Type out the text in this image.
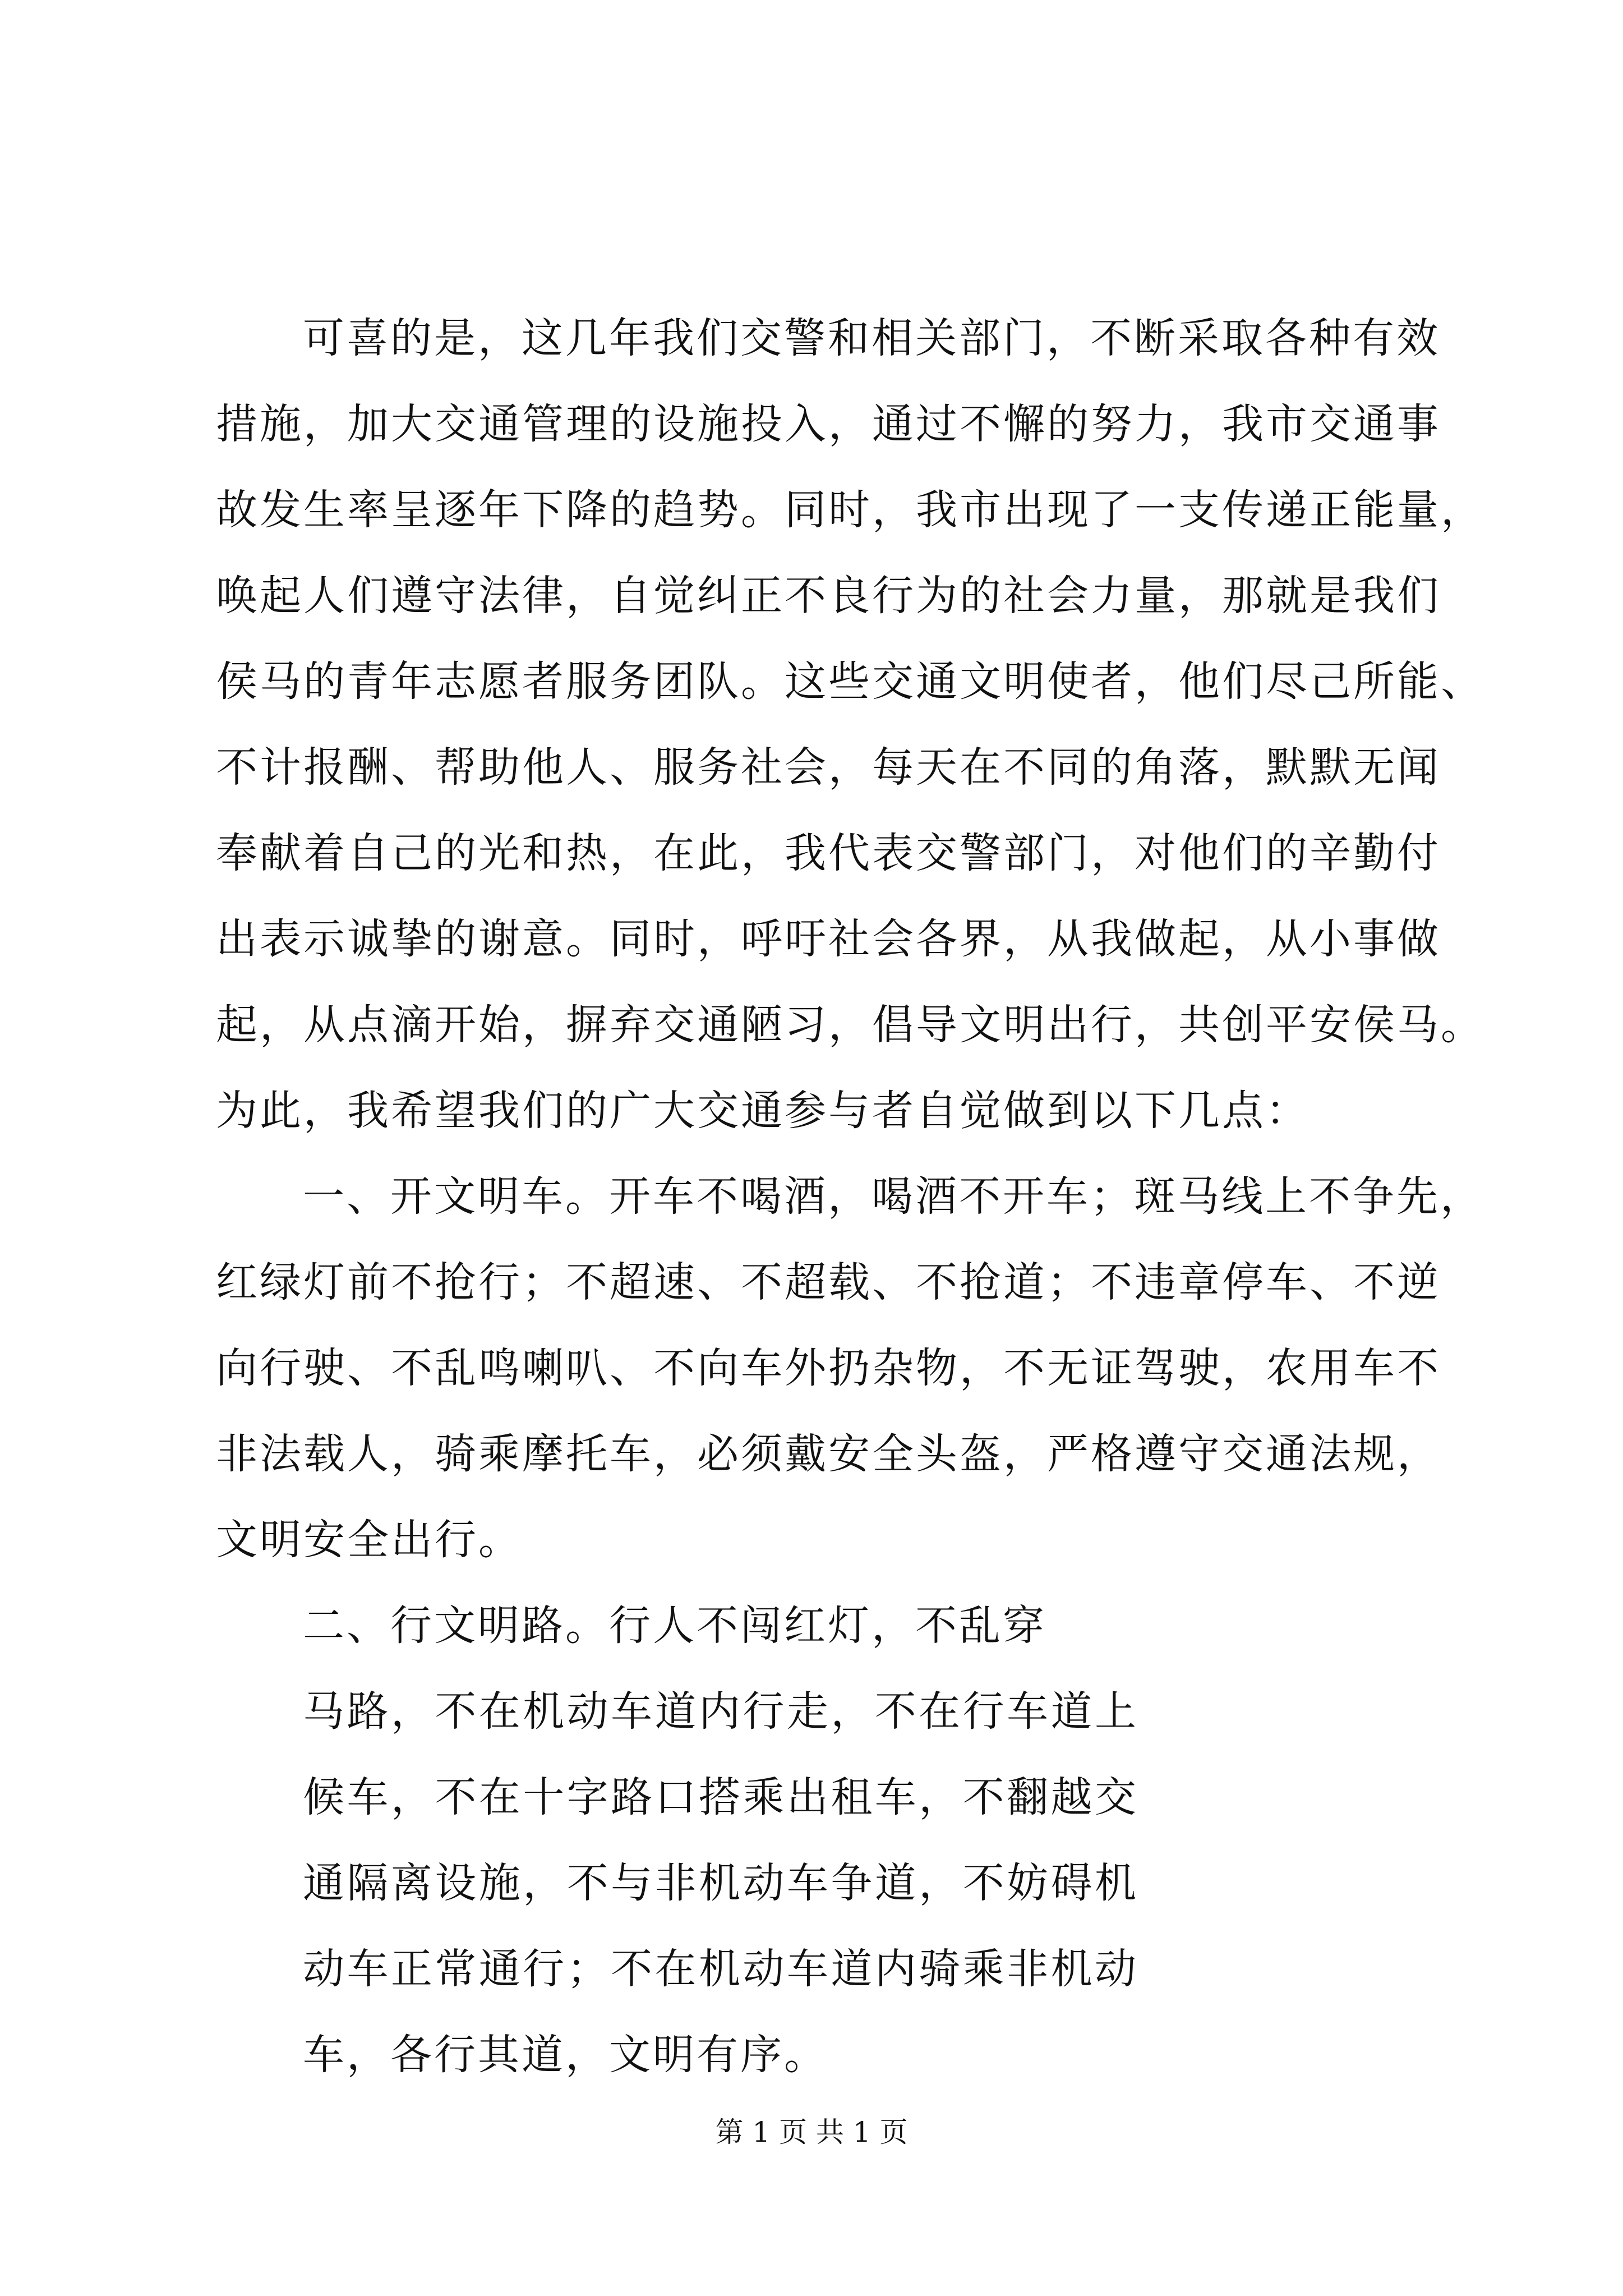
可喜的是，这几年我们交警和相关部门，不断采取各种有效

措施，加大交通管理的设施投入，通过不懈的努力，我市交通事

故发生率呈逐年下降的趋势。同时，我市出现了一支传递正能量，

唤起人们遵守法律，自觉纠正不良行为的社会力量，那就是我们

侯马的青年志愿者服务团队。这些交通文明使者，他们尽己所能、

不计报酬、帮助他人、服务社会，每天在不同的角落，默默无闻

奉献着自己的光和热，在此，我代表交警部门，对他们的辛勤付

出表示诚挚的谢意。同时，呼吁社会各界，从我做起，从小事做

起，从点滴开始，摒弃交通陋习，倡导文明出行，共创平安侯马。

为此，我希望我们的广大交通参与者自觉做到以下几点：

一、开文明车。开车不喝酒，喝酒不开车；斑马线上不争先，

红绿灯前不抢行；不超速、不超载、不抢道；不违章停车、不逆

向行驶、不乱鸣喇叭、不向车外扔杂物，不无证驾驶，农用车不

非法载人，骑乘摩托车，必须戴安全头盔，严格遵守交通法规，

文明安全出行。

二、行文明路。行人不闯红灯，不乱穿

马路，不在机动车道内行走，不在行车道上

候车，不在十字路口搭乘出租车，不翻越交

通隔离设施，不与非机动车争道，不妨碍机

动车正常通行；不在机动车道内骑乘非机动

车，各行其道，文明有序。

第 1 页 共 1 页
